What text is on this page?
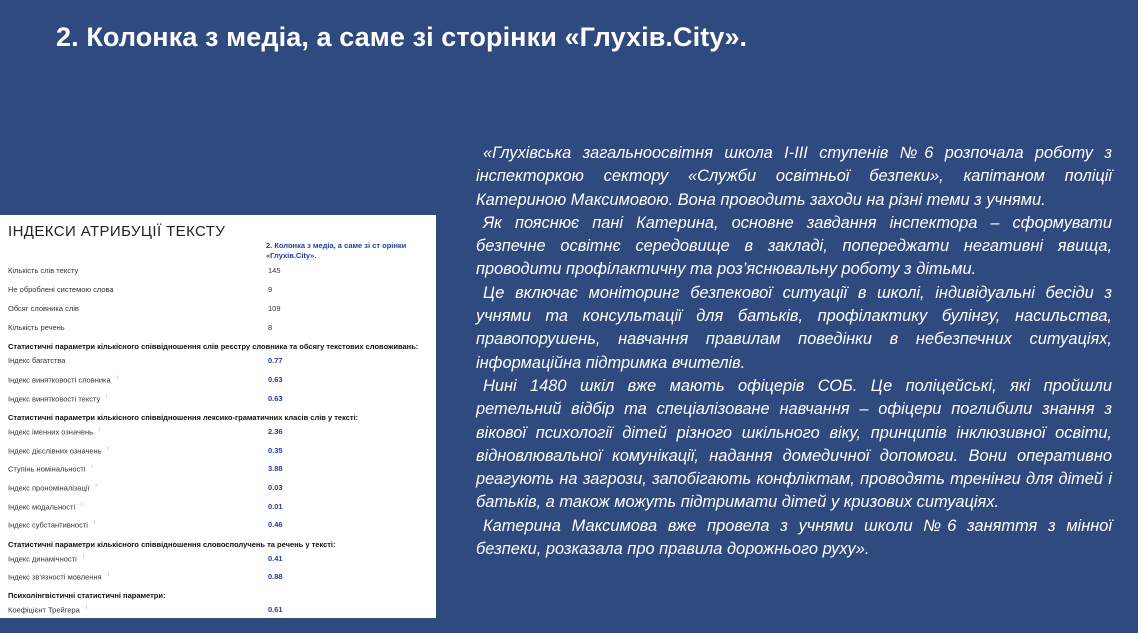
2. Колонка з медіа, а саме зі сторінки «Глухів.City».
ІНДЕКСИ АТРИБУЦІЇ ТЕКСТУ
2. Колонка з медіа, а саме зі ст орінки «Глухів.City».
Кількість слів тексту	145
Не оброблені системою слова	9
Обсяг словника слів	109
Кількість речень	8
Статистичні параметри кількісного співвідношення слів реєстру словника та обсягу текстових словоживань:
Індекс багатства	0.77
Індекс винятковості словника $^i$	0.63
Індекс винятковості тексту $^i$	0.63
Статистичні параметри кількісного співвідношення лексико-граматичних класів слів у тексті:
Індекс іменних означень $^i$	2.36
Індекс дієслівних означень $^i$	0.35
Ступінь номінальності $^i$	3.88
Індекс прономіналізації $^i$	0.03
Індекс модальності $^i$	0.01
Індекс субстантивності $^i$	0.46
Статистичні параметри кількісного співвідношення словосполучень та речень у тексті:
Індекс динамічності $^i$	0.41
Індекс зв'язності мовлення $^i$	0.88
Психолінгвістичні статистичні параметри:
Коефіцієнт Трейгера $^i$	0.61

«Глухівська загальноосвітня школа І-ІІІ ступенів №6 розпочала роботу з інспекторкою сектору «Служби освітньої безпеки», капітаном поліції Катериною Максимовою. Вона проводить заходи на різні теми з учнями.

Як пояснює пані Катерина, основне завдання інспектора – сформувати безпечне освітнє середовище в закладі, попереджати негативні явища, проводити профілактичну та роз’яснювальну роботу з дітьми.

Це включає моніторинг безпекової ситуації в школі, індивідуальні бесіди з учнями та консультації для батьків, профілактику булінгу, насильства, правопорушень, навчання правилам поведінки в небезпечних ситуаціях, інформаційна підтримка вчителів.

Нині 1480 шкіл вже мають офіцерів СОБ. Це поліцейські, які пройшли ретельний відбір та спеціалізоване навчання – офіцери поглибили знання з вікової психології дітей різного шкільного віку, принципів інклюзивної освіти, відновлювальної комунікації, надання домедичної допомоги. Вони оперативно реагують на загрози, запобігають конфліктам, проводять тренінги для дітей і батьків, а також можуть підтримати дітей у кризових ситуаціях.

Катерина Максимова вже провела з учнями школи №6 заняття з мінної безпеки, розказала про правила дорожнього руху».
